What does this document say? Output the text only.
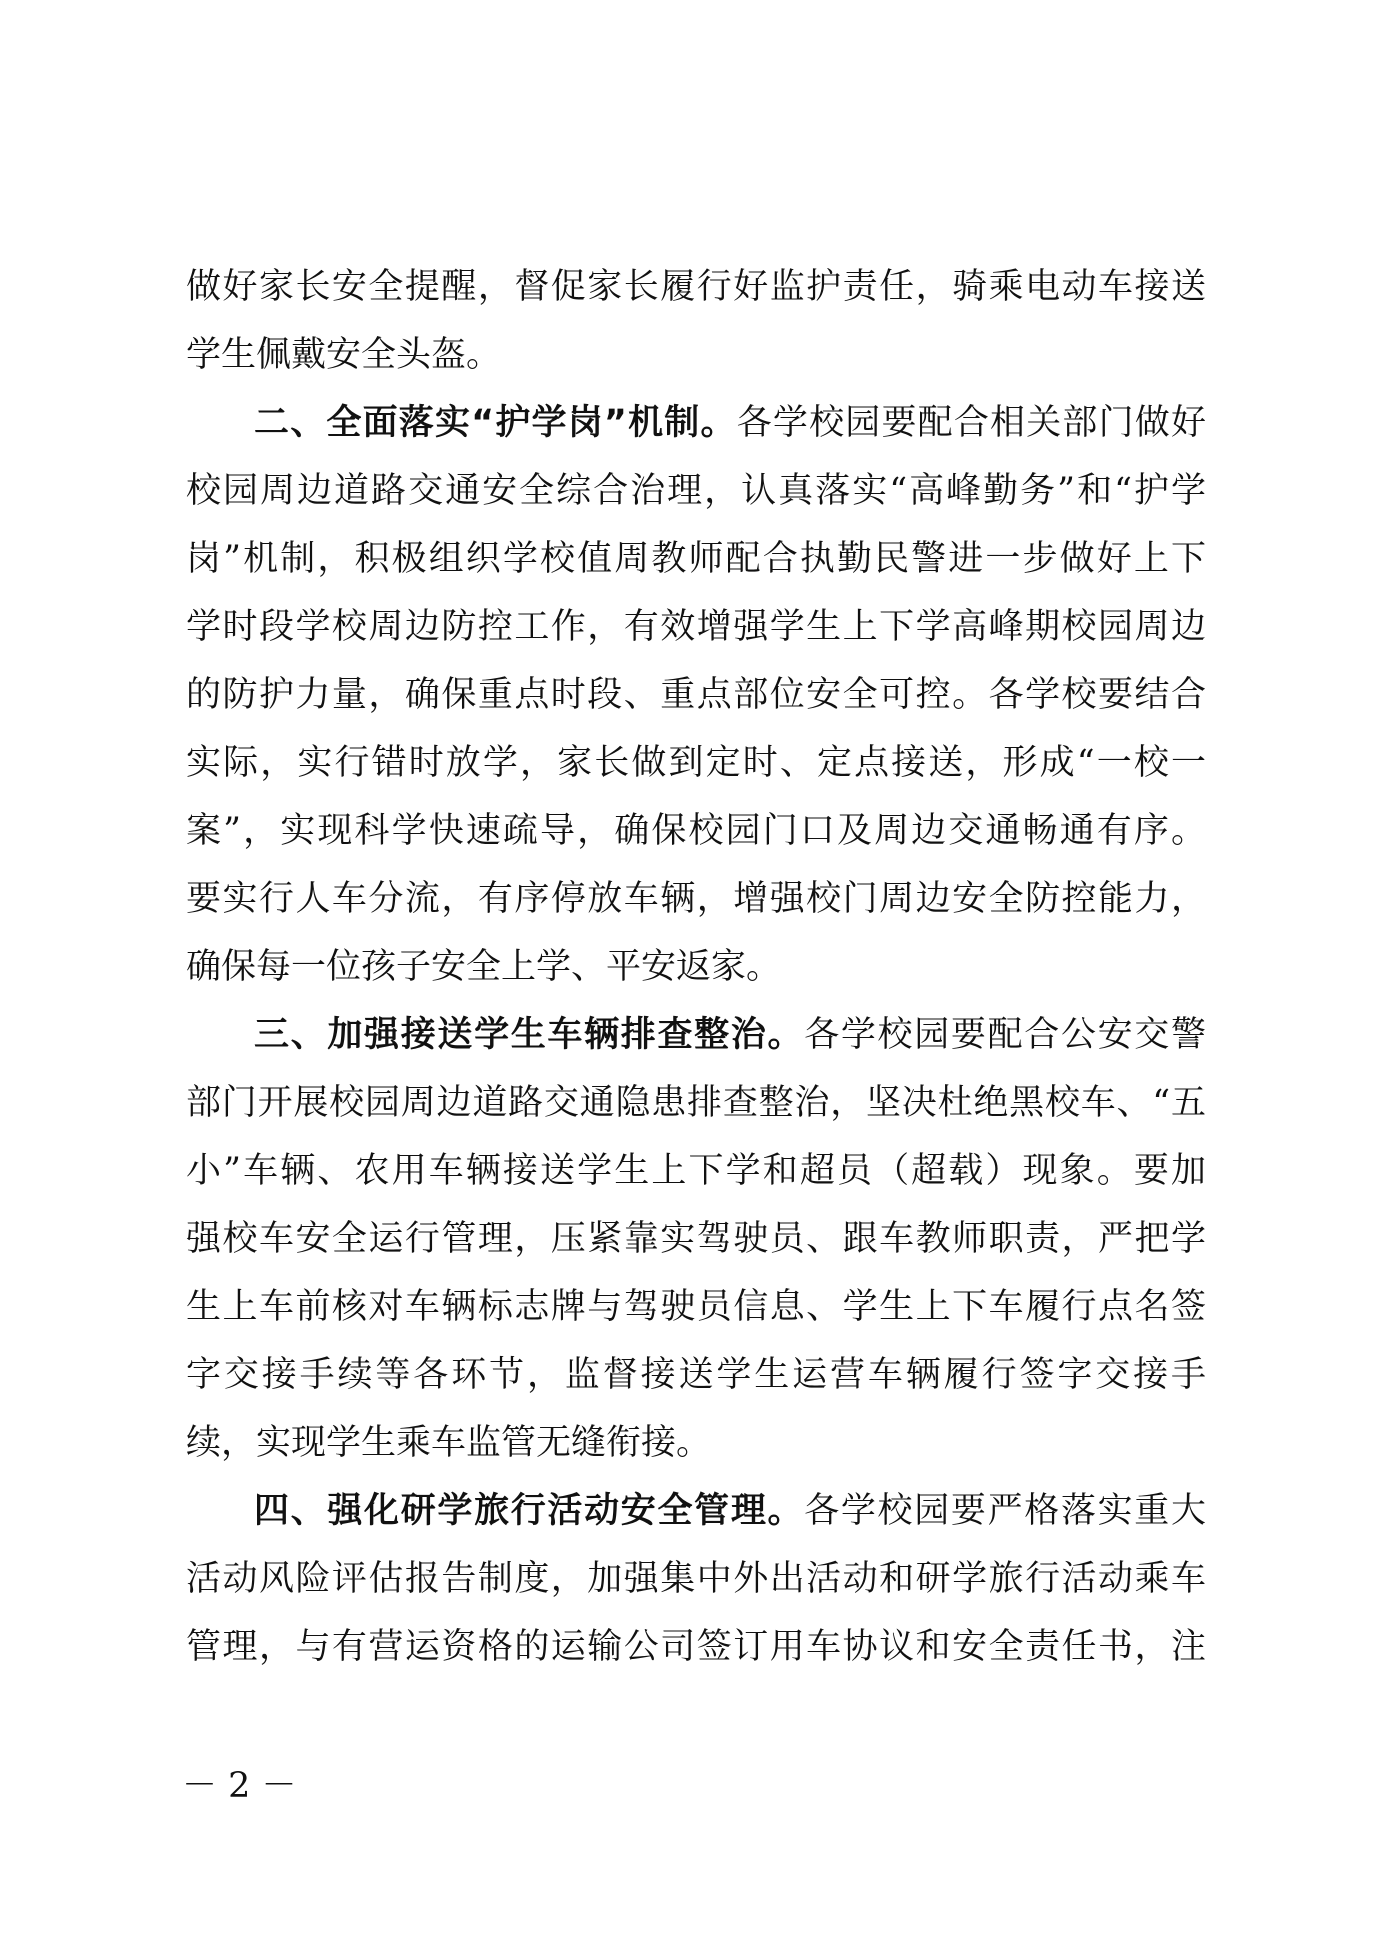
做好家长安全提醒，督促家长履行好监护责任，骑乘电动车接送
学生佩戴安全头盔。
二、全面落实“护学岗”机制。各学校园要配合相关部门做好
校园周边道路交通安全综合治理，认真落实“高峰勤务”和“护学
岗”机制，积极组织学校值周教师配合执勤民警进一步做好上下
学时段学校周边防控工作，有效增强学生上下学高峰期校园周边
的防护力量，确保重点时段、重点部位安全可控。各学校要结合
实际，实行错时放学，家长做到定时、定点接送，形成“一校一
案”，实现科学快速疏导，确保校园门口及周边交通畅通有序。
要实行人车分流，有序停放车辆，增强校门周边安全防控能力，
确保每一位孩子安全上学、平安返家。
三、加强接送学生车辆排查整治。各学校园要配合公安交警
部门开展校园周边道路交通隐患排查整治，坚决杜绝黑校车、“五
小”车辆、农用车辆接送学生上下学和超员（超载）现象。要加
强校车安全运行管理，压紧靠实驾驶员、跟车教师职责，严把学
生上车前核对车辆标志牌与驾驶员信息、学生上下车履行点名签
字交接手续等各环节，监督接送学生运营车辆履行签字交接手
续，实现学生乘车监管无缝衔接。
四、强化研学旅行活动安全管理。各学校园要严格落实重大
活动风险评估报告制度，加强集中外出活动和研学旅行活动乘车
管理，与有营运资格的运输公司签订用车协议和安全责任书，注
－ 2 －
